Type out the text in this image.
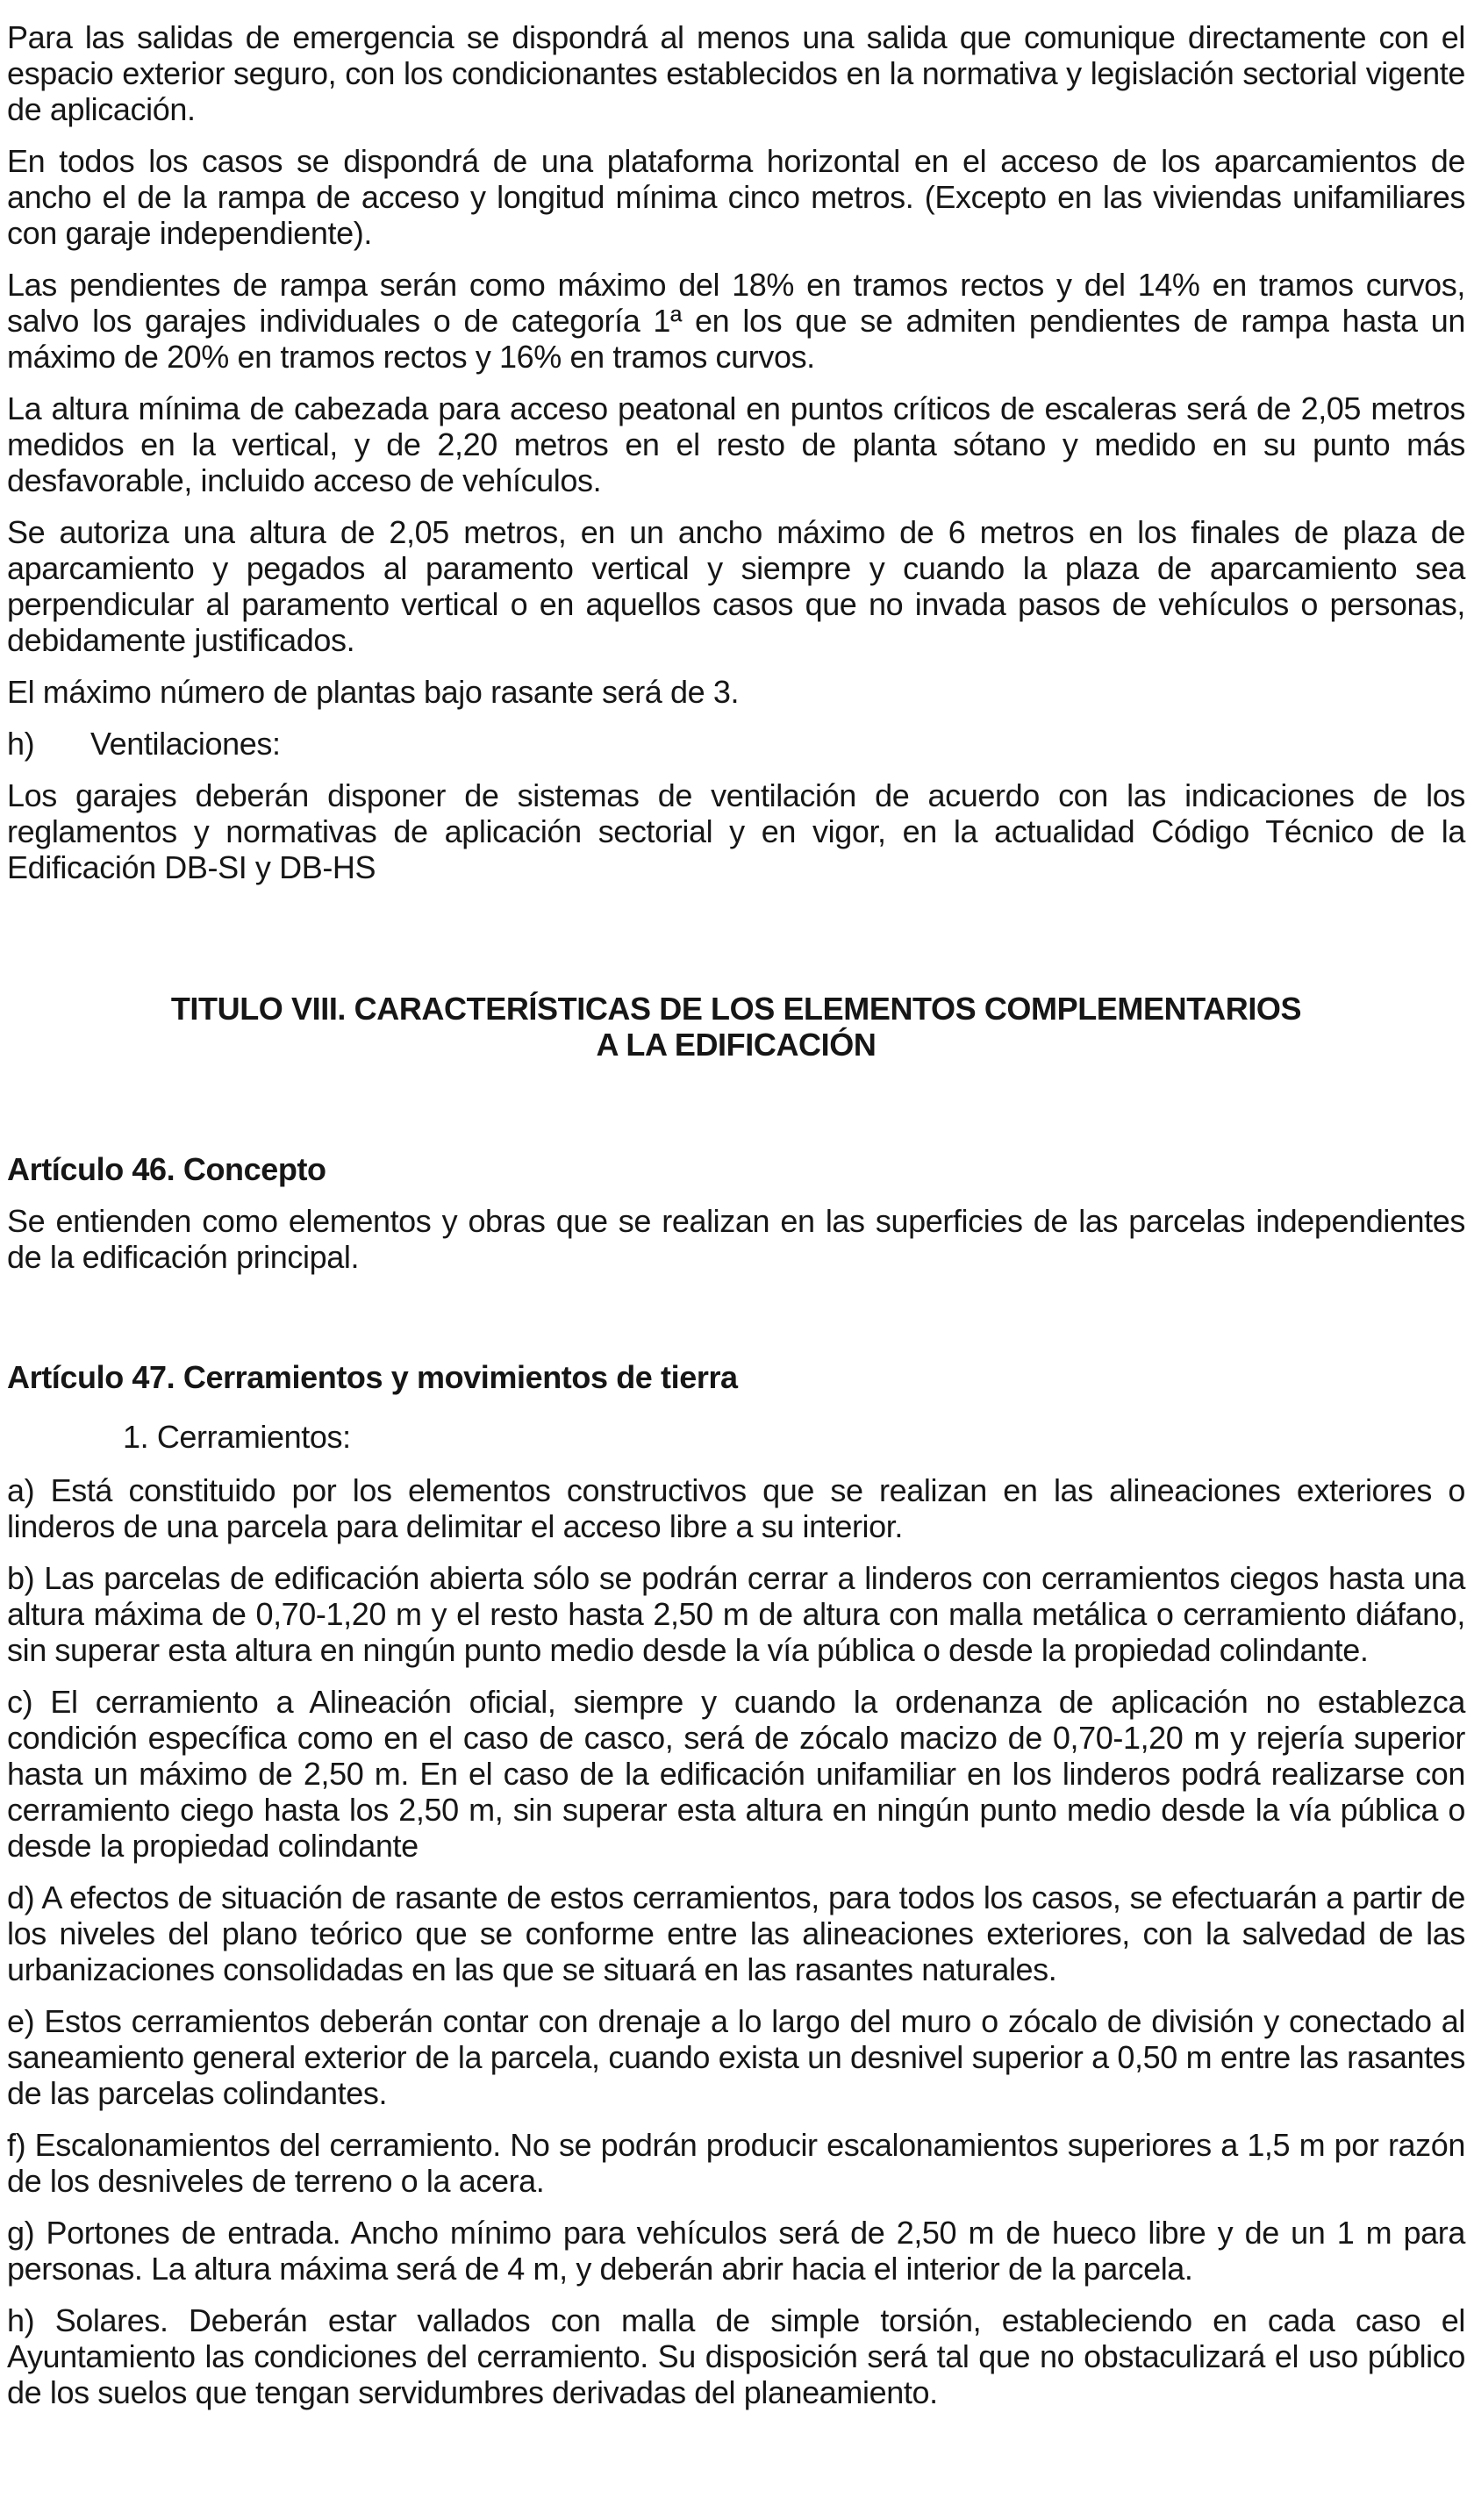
Para las salidas de emergencia se dispondrá al menos una salida que comunique directamente con el espacio exterior seguro, con los condicionantes establecidos en la normativa y legislación sectorial vigente de aplicación.

En todos los casos se dispondrá de una plataforma horizontal en el acceso de los aparcamientos de ancho el de la rampa de acceso y longitud mínima cinco metros. (Excepto en las viviendas unifamiliares con garaje independiente).

Las pendientes de rampa serán como máximo del 18% en tramos rectos y del 14% en tramos curvos, salvo los garajes individuales o de categoría 1ª en los que se admiten pendientes de rampa hasta un máximo de 20% en tramos rectos y 16% en tramos curvos.

La altura mínima de cabezada para acceso peatonal en puntos críticos de escaleras será de 2,05 metros medidos en la vertical, y de 2,20 metros en el resto de planta sótano y medido en su punto más desfavorable, incluido acceso de vehículos.

Se autoriza una altura de 2,05 metros, en un ancho máximo de 6 metros en los finales de plaza de aparcamiento y pegados al paramento vertical y siempre y cuando la plaza de aparcamiento sea perpendicular al paramento vertical o en aquellos casos que no invada pasos de vehículos o personas, debidamente justificados.

El máximo número de plantas bajo rasante será de 3.

h) Ventilaciones:

Los garajes deberán disponer de sistemas de ventilación de acuerdo con las indicaciones de los reglamentos y normativas de aplicación sectorial y en vigor, en la actualidad Código Técnico de la Edificación DB-SI y DB-HS

TITULO VIII. CARACTERÍSTICAS DE LOS ELEMENTOS COMPLEMENTARIOS
A LA EDIFICACIÓN
Artículo 46. Concepto

Se entienden como elementos y obras que se realizan en las superficies de las parcelas independientes de la edificación principal.

Artículo 47. Cerramientos y movimientos de tierra

1. Cerramientos:

a) Está constituido por los elementos constructivos que se realizan en las alineaciones exteriores o linderos de una parcela para delimitar el acceso libre a su interior.

b) Las parcelas de edificación abierta sólo se podrán cerrar a linderos con cerramientos ciegos hasta una altura máxima de 0,70-1,20 m y el resto hasta 2,50 m de altura con malla metálica o cerramiento diáfano, sin superar esta altura en ningún punto medio desde la vía pública o desde la propiedad colindante.

c) El cerramiento a Alineación oficial, siempre y cuando la ordenanza de aplicación no establezca condición específica como en el caso de casco, será de zócalo macizo de 0,70-1,20 m y rejería superior hasta un máximo de 2,50 m. En el caso de la edificación unifamiliar en los linderos podrá realizarse con cerramiento ciego hasta los 2,50 m, sin superar esta altura en ningún punto medio desde la vía pública o desde la propiedad colindante

d) A efectos de situación de rasante de estos cerramientos, para todos los casos, se efectuarán a partir de los niveles del plano teórico que se conforme entre las alineaciones exteriores, con la salvedad de las urbanizaciones consolidadas en las que se situará en las rasantes naturales.

e) Estos cerramientos deberán contar con drenaje a lo largo del muro o zócalo de división y conectado al saneamiento general exterior de la parcela, cuando exista un desnivel superior a 0,50 m entre las rasantes de las parcelas colindantes.

f) Escalonamientos del cerramiento. No se podrán producir escalonamientos superiores a 1,5 m por razón de los desniveles de terreno o la acera.

g) Portones de entrada. Ancho mínimo para vehículos será de 2,50 m de hueco libre y de un 1 m para personas. La altura máxima será de 4 m, y deberán abrir hacia el interior de la parcela.

h) Solares. Deberán estar vallados con malla de simple torsión, estableciendo en cada caso el Ayuntamiento las condiciones del cerramiento. Su disposición será tal que no obstaculizará el uso público de los suelos que tengan servidumbres derivadas del planeamiento.
